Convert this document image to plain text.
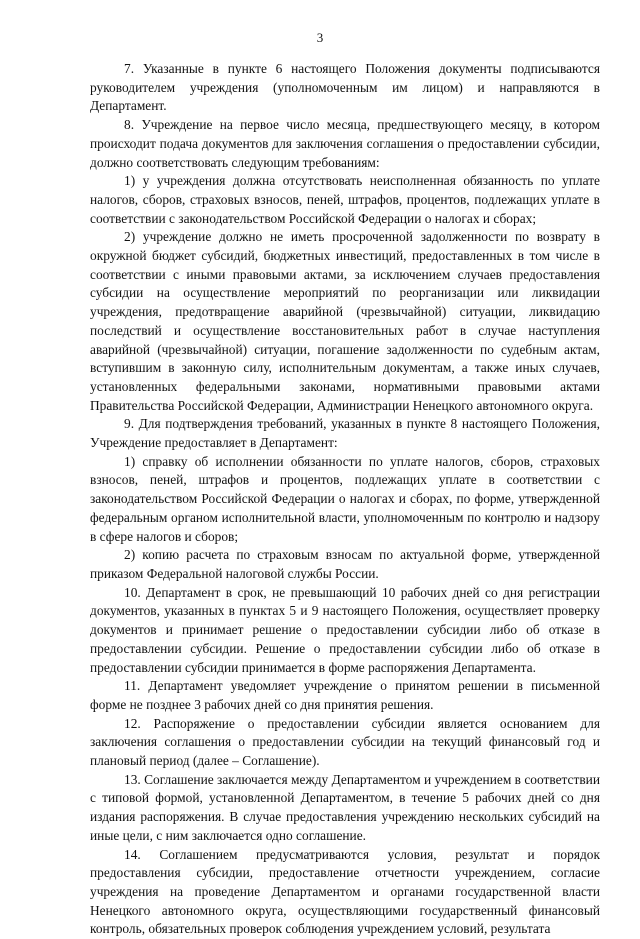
3

7. Указанные в пункте 6 настоящего Положения документы подписываются руководителем учреждения (уполномоченным им лицом) и направляются в Департамент.

8. Учреждение на первое число месяца, предшествующего месяцу, в котором происходит подача документов для заключения соглашения о предоставлении субсидии, должно соответствовать следующим требованиям:

1) у учреждения должна отсутствовать неисполненная обязанность по уплате налогов, сборов, страховых взносов, пеней, штрафов, процентов, подлежащих уплате в соответствии с законодательством Российской Федерации о налогах и сборах;

2) учреждение должно не иметь просроченной задолженности по возврату в окружной бюджет субсидий, бюджетных инвестиций, предоставленных в том числе в соответствии с иными правовыми актами, за исключением случаев предоставления субсидии на осуществление мероприятий по реорганизации или ликвидации учреждения, предотвращение аварийной (чрезвычайной) ситуации, ликвидацию последствий и осуществление восстановительных работ в случае наступления аварийной (чрезвычайной) ситуации, погашение задолженности по судебным актам, вступившим в законную силу, исполнительным документам, а также иных случаев, установленных федеральными законами, нормативными правовыми актами Правительства Российской Федерации, Администрации Ненецкого автономного округа.

9. Для подтверждения требований, указанных в пункте 8 настоящего Положения, Учреждение предоставляет в Департамент:

1) справку об исполнении обязанности по уплате налогов, сборов, страховых взносов, пеней, штрафов и процентов, подлежащих уплате в соответствии с законодательством Российской Федерации о налогах и сборах, по форме, утвержденной федеральным органом исполнительной власти, уполномоченным по контролю и надзору в сфере налогов и сборов;

2) копию расчета по страховым взносам по актуальной форме, утвержденной приказом Федеральной налоговой службы России.

10. Департамент в срок, не превышающий 10 рабочих дней со дня регистрации документов, указанных в пунктах 5 и 9 настоящего Положения, осуществляет проверку документов и принимает решение о предоставлении субсидии либо об отказе в предоставлении субсидии. Решение о предоставлении субсидии либо об отказе в предоставлении субсидии принимается в форме распоряжения Департамента.

11. Департамент уведомляет учреждение о принятом решении в письменной форме не позднее 3 рабочих дней со дня принятия решения.

12. Распоряжение о предоставлении субсидии является основанием для заключения соглашения о предоставлении субсидии на текущий финансовый год и плановый период (далее – Соглашение).

13. Соглашение заключается между Департаментом и учреждением в соответствии с типовой формой, установленной Департаментом, в течение 5 рабочих дней со дня издания распоряжения. В случае предоставления учреждению нескольких субсидий на иные цели, с ним заключается одно соглашение.

14. Соглашением предусматриваются условия, результат и порядок предоставления субсидии, предоставление отчетности учреждением, согласие учреждения на проведение Департаментом и органами государственной власти Ненецкого автономного округа, осуществляющими государственный финансовый контроль, обязательных проверок соблюдения учреждением условий, результата
